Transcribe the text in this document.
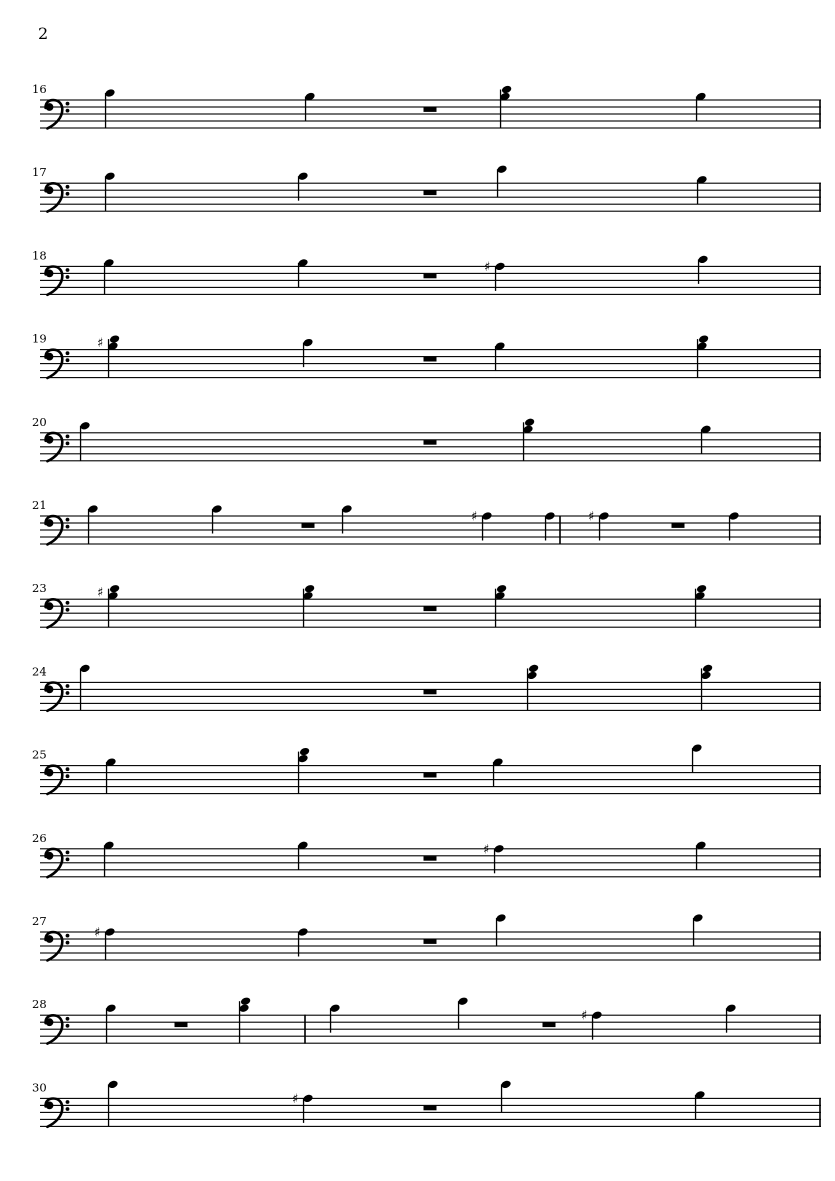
2
16
17
18
♯
19	♯
20
21
♯	♯
23	♯
24
25
26
♯
27
♯
28
♯
30
♯
